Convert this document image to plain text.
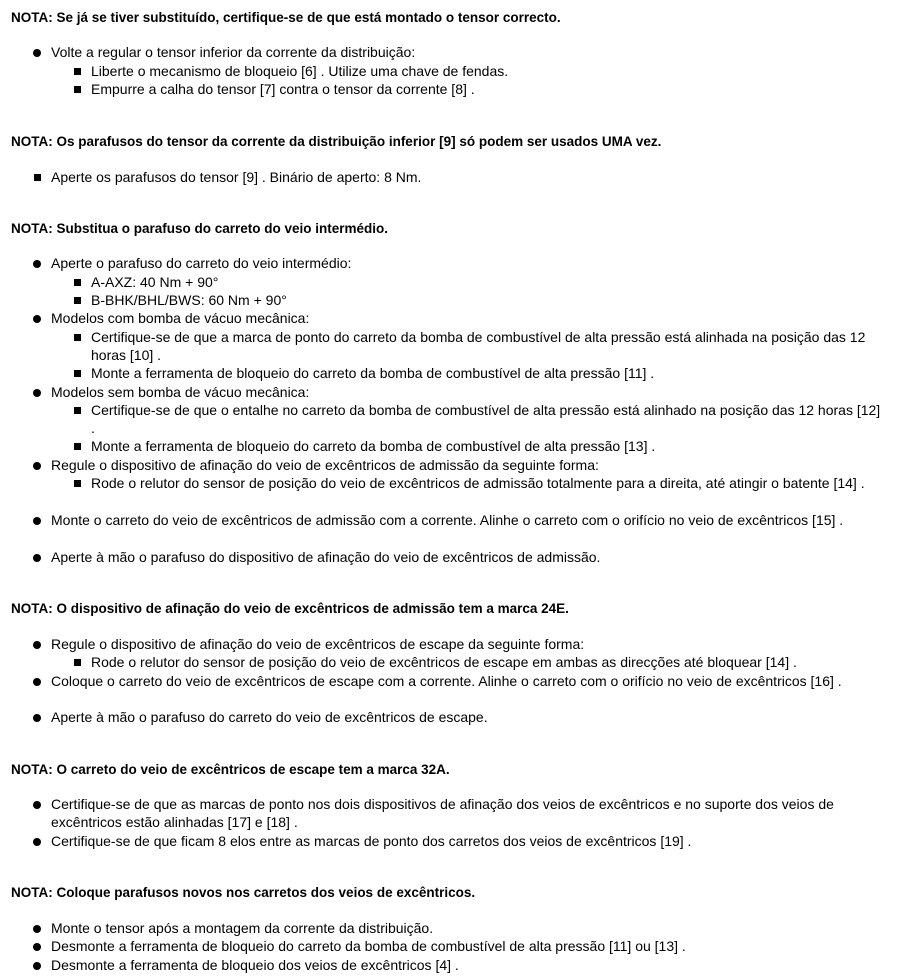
NOTA: Se já se tiver substituído, certifique-se de que está montado o tensor correcto.
Volte a regular o tensor inferior da corrente da distribuição:
Liberte o mecanismo de bloqueio [6] . Utilize uma chave de fendas.
Empurre a calha do tensor [7] contra o tensor da corrente [8] .
NOTA: Os parafusos do tensor da corrente da distribuição inferior [9] só podem ser usados UMA vez.
Aperte os parafusos do tensor [9] . Binário de aperto: 8 Nm.
NOTA: Substitua o parafuso do carreto do veio intermédio.
Aperte o parafuso do carreto do veio intermédio:
A-AXZ: 40 Nm + 90°
B-BHK/BHL/BWS: 60 Nm + 90°
Modelos com bomba de vácuo mecânica:
Certifique-se de que a marca de ponto do carreto da bomba de combustível de alta pressão está alinhada na posição das 12 horas [10] .
Monte a ferramenta de bloqueio do carreto da bomba de combustível de alta pressão [11] .
Modelos sem bomba de vácuo mecânica:
Certifique-se de que o entalhe no carreto da bomba de combustível de alta pressão está alinhado na posição das 12 horas [12] .
Monte a ferramenta de bloqueio do carreto da bomba de combustível de alta pressão [13] .
Regule o dispositivo de afinação do veio de excêntricos de admissão da seguinte forma:
Rode o relutor do sensor de posição do veio de excêntricos de admissão totalmente para a direita, até atingir o batente [14] .
Monte o carreto do veio de excêntricos de admissão com a corrente. Alinhe o carreto com o orifício no veio de excêntricos [15] .
Aperte à mão o parafuso do dispositivo de afinação do veio de excêntricos de admissão.
NOTA: O dispositivo de afinação do veio de excêntricos de admissão tem a marca 24E.
Regule o dispositivo de afinação do veio de excêntricos de escape da seguinte forma:
Rode o relutor do sensor de posição do veio de excêntricos de escape em ambas as direcções até bloquear [14] .
Coloque o carreto do veio de excêntricos de escape com a corrente. Alinhe o carreto com o orifício no veio de excêntricos [16] .
Aperte à mão o parafuso do carreto do veio de excêntricos de escape.
NOTA: O carreto do veio de excêntricos de escape tem a marca 32A.
Certifique-se de que as marcas de ponto nos dois dispositivos de afinação dos veios de excêntricos e no suporte dos veios de excêntricos estão alinhadas [17] e [18] .
Certifique-se de que ficam 8 elos entre as marcas de ponto dos carretos dos veios de excêntricos [19] .
NOTA: Coloque parafusos novos nos carretos dos veios de excêntricos.
Monte o tensor após a montagem da corrente da distribuição.
Desmonte a ferramenta de bloqueio do carreto da bomba de combustível de alta pressão [11] ou [13] .
Desmonte a ferramenta de bloqueio dos veios de excêntricos [4] .
